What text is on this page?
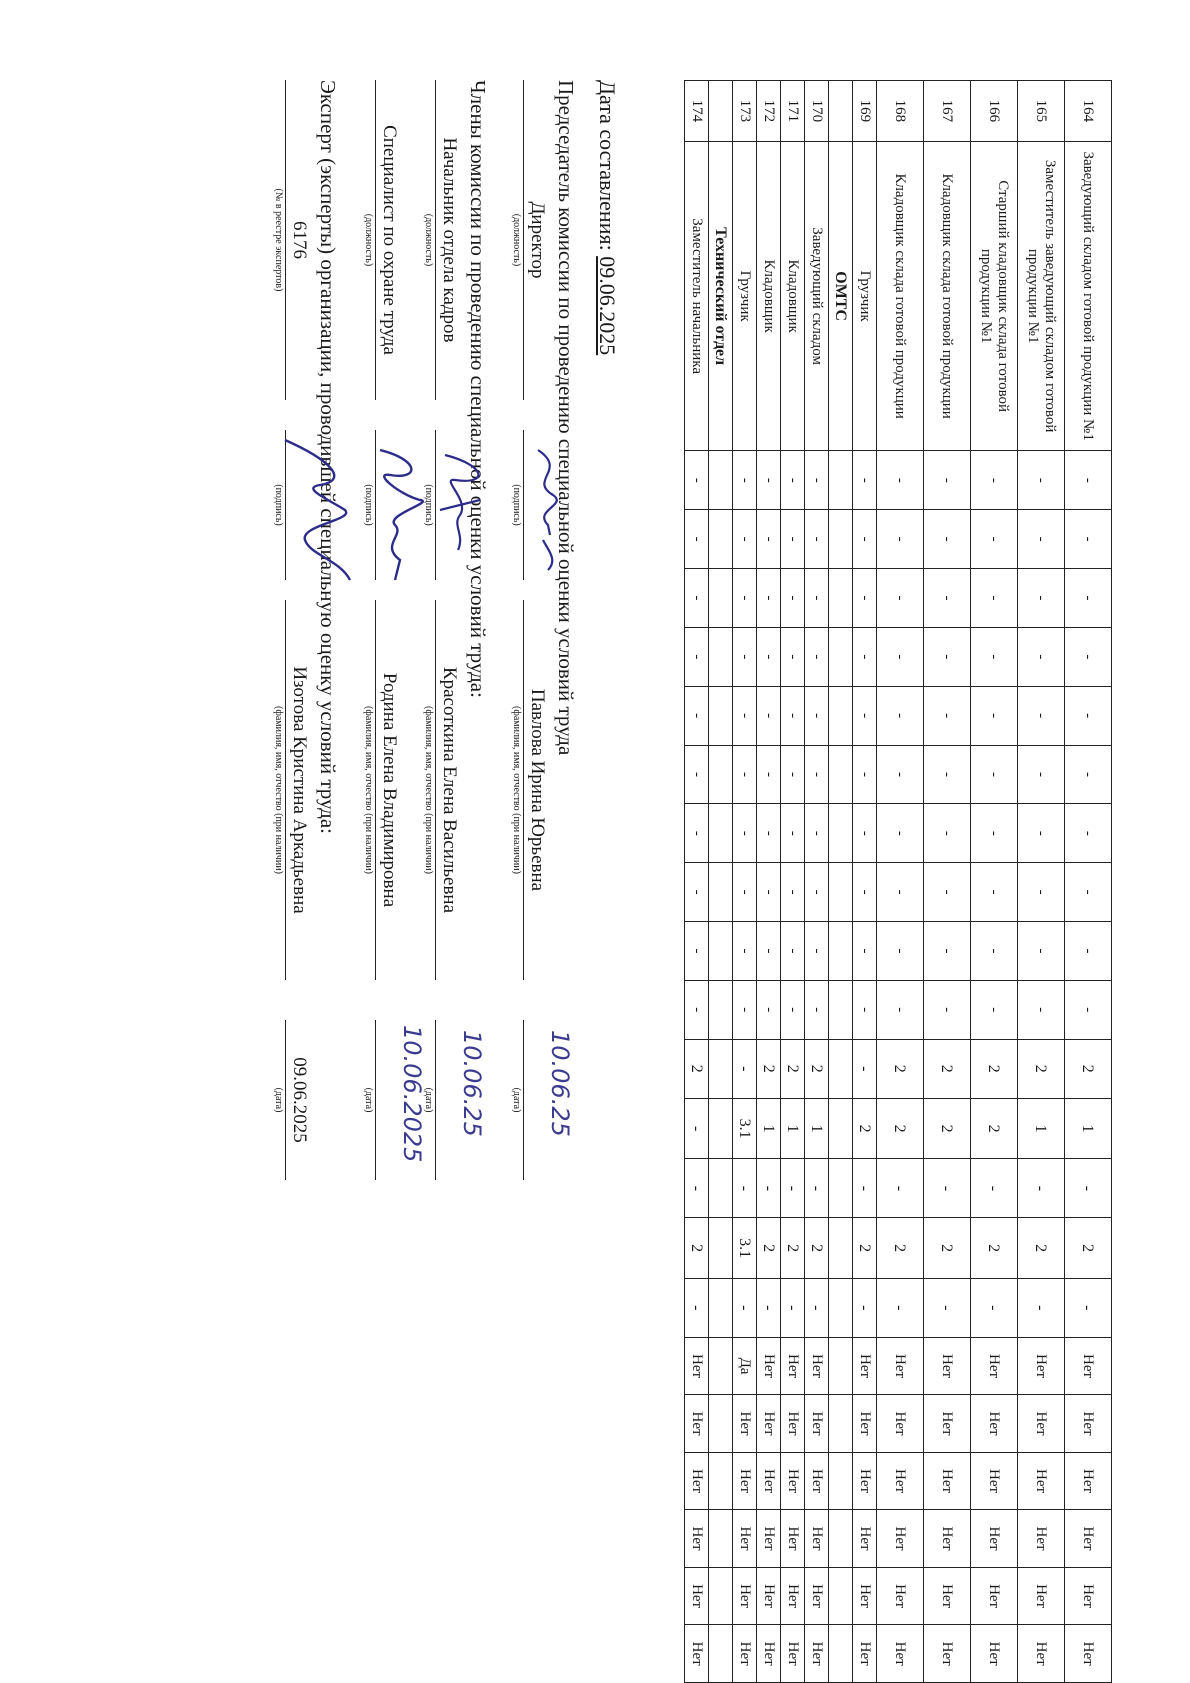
164	Заведующий складом готовой продукции №1	-	-	-	-	-	-	-	-	-	-	2	1	-	2	-	Нет	Нет	Нет	Нет	Нет	Нет
165	Заместитель заведующий складом готовой продукции №1	-	-	-	-	-	-	-	-	-	-	2	1	-	2	-	Нет	Нет	Нет	Нет	Нет	Нет
166	Старший кладовщик склада готовой продукции №1	-	-	-	-	-	-	-	-	-	-	2	2	-	2	-	Нет	Нет	Нет	Нет	Нет	Нет
167	Кладовщик склада готовой продукции	-	-	-	-	-	-	-	-	-	-	2	2	-	2	-	Нет	Нет	Нет	Нет	Нет	Нет
168	Кладовщик склада готовой продукции	-	-	-	-	-	-	-	-	-	-	2	2	-	2	-	Нет	Нет	Нет	Нет	Нет	Нет
169	Грузчик	-	-	-	-	-	-	-	-	-	-	-	2	-	2	-	Нет	Нет	Нет	Нет	Нет	Нет
	ОМТС																					
170	Заведующий складом	-	-	-	-	-	-	-	-	-	-	2	1	-	2	-	Нет	Нет	Нет	Нет	Нет	Нет
171	Кладовщик	-	-	-	-	-	-	-	-	-	-	2	1	-	2	-	Нет	Нет	Нет	Нет	Нет	Нет
172	Кладовщик	-	-	-	-	-	-	-	-	-	-	2	1	-	2	-	Нет	Нет	Нет	Нет	Нет	Нет
173	Грузчик	-	-	-	-	-	-	-	-	-	-	-	3.1	-	3.1	-	Да	Нет	Нет	Нет	Нет	Нет
	Технический отдел																					
174	Заместитель начальника	-	-	-	-	-	-	-	-	-	-	2	-	-	2	-	Нет	Нет	Нет	Нет	Нет	Нет
Дата составления: 09.06.2025
Председатель комиссии по проведению специальной оценки условий труда
Директор
(должность)
(подпись)
Павлова Ирина Юрьевна
(фамилия, имя, отчество (при наличии)
(дата) 10.06.25
Члены комиссии по проведению специальной оценки условий труда:
Начальник отдела кадров
(должность)
(подпись)
Красоткина Елена Васильевна
(фамилия, имя, отчество (при наличии)
(дата) 10.06.25
Специалист по охране труда
(должность)
(подпись)
Родина Елена Владимировна
(фамилия, имя, отчество (при наличии)
(дата) 10.06.2025
Эксперт (эксперты) организации, проводившей специальную оценку условий труда:
6176
(№ в реестре экспертов)
(подпись)
Изотова Кристина Аркадьевна
(фамилия, имя, отчество (при наличии)
09.06.2025
(дата)
